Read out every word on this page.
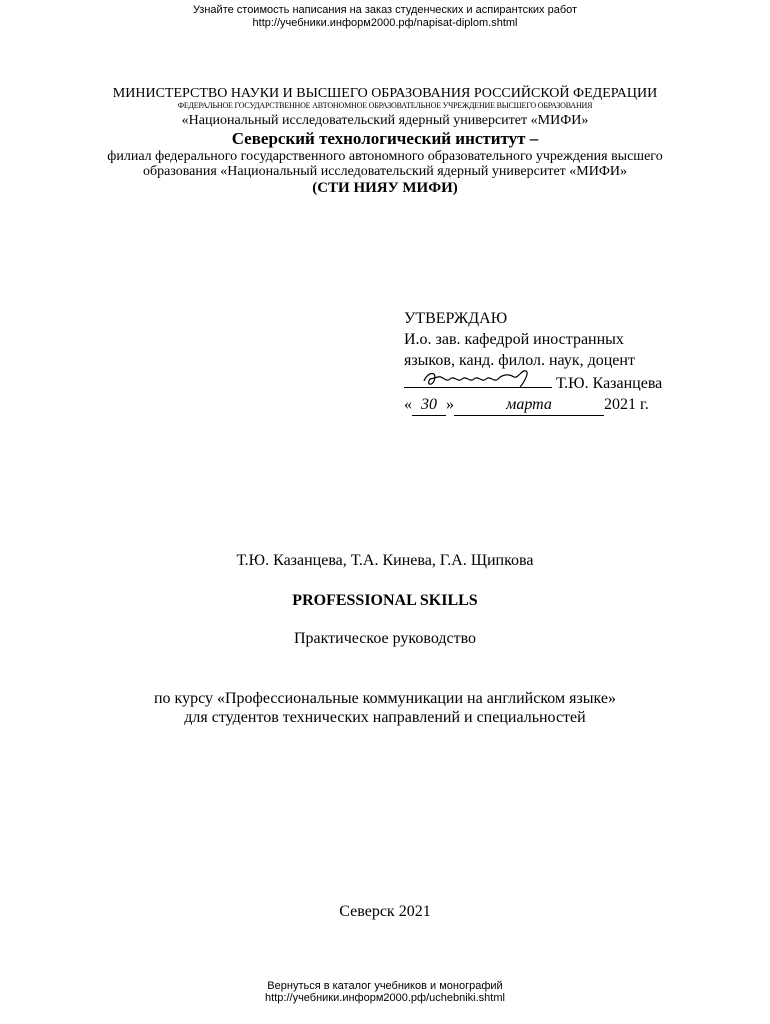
Узнайте стоимость написания на заказ студенческих и аспирантских работ
http://учебники.информ2000.рф/napisat-diplom.shtml
МИНИСТЕРСТВО НАУКИ И ВЫСШЕГО ОБРАЗОВАНИЯ РОССИЙСКОЙ ФЕДЕРАЦИИ
ФЕДЕРАЛЬНОЕ ГОСУДАРСТВЕННОЕ АВТОНОМНОЕ ОБРАЗОВАТЕЛЬНОЕ УЧРЕЖДЕНИЕ ВЫСШЕГО ОБРАЗОВАНИЯ
«Национальный исследовательский ядерный университет «МИФИ»
Северский технологический институт –
филиал федерального государственного автономного образовательного учреждения высшего
образования «Национальный исследовательский ядерный университет «МИФИ»
(СТИ НИЯУ МИФИ)
УТВЕРЖДАЮ
И.о. зав. кафедрой иностранных
языков, канд. филол. наук, доцент
Т.Ю. Казанцева
« 30 »	марта	2021 г.
Т.Ю. Казанцева, Т.А. Кинева, Г.А. Щипкова
PROFESSIONAL SKILLS
Практическое руководство
по курсу «Профессиональные коммуникации на английском языке»
для студентов технических направлений и специальностей
Северск 2021
Вернуться в каталог учебников и монографий
http://учебники.информ2000.рф/uchebniki.shtml
